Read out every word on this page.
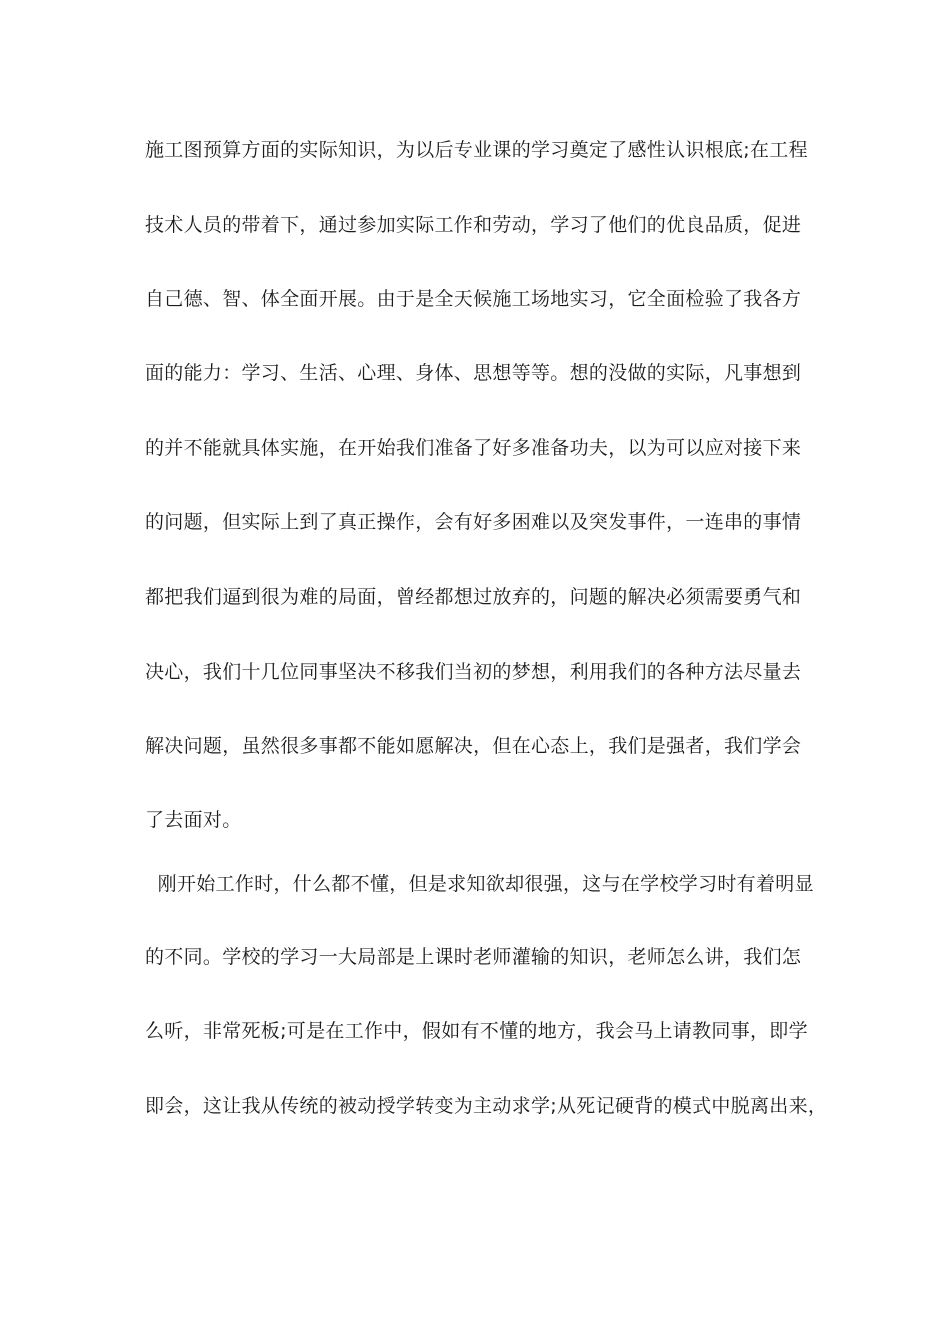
施工图预算方面的实际知识，为以后专业课的学习奠定了感性认识根底;在工程
技术人员的带着下，通过参加实际工作和劳动，学习了他们的优良品质，促进
自己德、智、体全面开展。由于是全天候施工场地实习，它全面检验了我各方
面的能力：学习、生活、心理、身体、思想等等。想的没做的实际，凡事想到
的并不能就具体实施，在开始我们准备了好多准备功夫，以为可以应对接下来
的问题，但实际上到了真正操作，会有好多困难以及突发事件，一连串的事情
都把我们逼到很为难的局面，曾经都想过放弃的，问题的解决必须需要勇气和
决心，我们十几位同事坚决不移我们当初的梦想，利用我们的各种方法尽量去
解决问题，虽然很多事都不能如愿解决，但在心态上，我们是强者，我们学会
了去面对。
刚开始工作时，什么都不懂，但是求知欲却很强，这与在学校学习时有着明显
的不同。学校的学习一大局部是上课时老师灌输的知识，老师怎么讲，我们怎
么听，非常死板;可是在工作中，假如有不懂的地方，我会马上请教同事，即学
即会，这让我从传统的被动授学转变为主动求学;从死记硬背的模式中脱离出来，
